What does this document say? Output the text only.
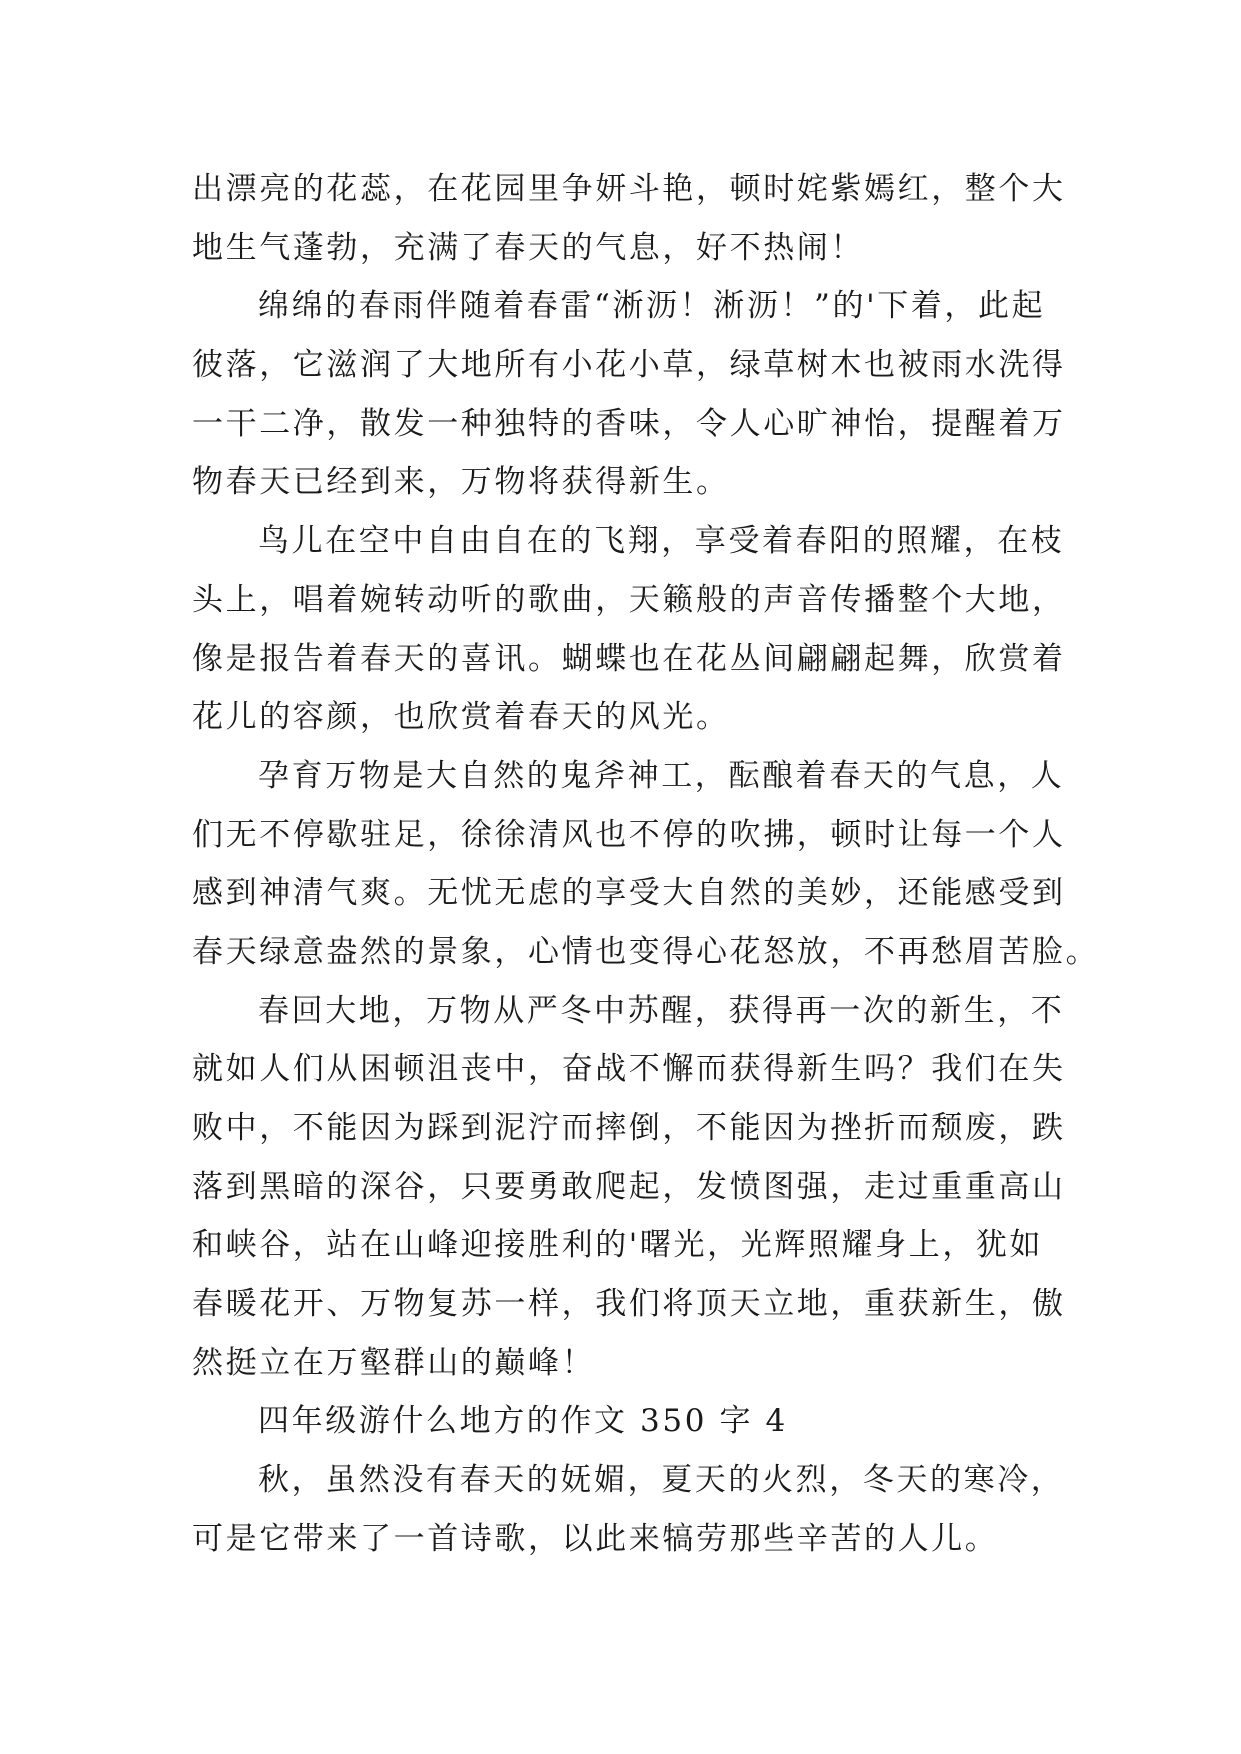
出漂亮的花蕊，在花园里争妍斗艳，顿时姹紫嫣红，整个大
地生气蓬勃，充满了春天的气息，好不热闹！
绵绵的春雨伴随着春雷“淅沥！淅沥！”的'下着，此起
彼落，它滋润了大地所有小花小草，绿草树木也被雨水洗得
一干二净，散发一种独特的香味，令人心旷神怡，提醒着万
物春天已经到来，万物将获得新生。
鸟儿在空中自由自在的飞翔，享受着春阳的照耀，在枝
头上，唱着婉转动听的歌曲，天籁般的声音传播整个大地，
像是报告着春天的喜讯。蝴蝶也在花丛间翩翩起舞，欣赏着
花儿的容颜，也欣赏着春天的风光。
孕育万物是大自然的鬼斧神工，酝酿着春天的气息，人
们无不停歇驻足，徐徐清风也不停的吹拂，顿时让每一个人
感到神清气爽。无忧无虑的享受大自然的美妙，还能感受到
春天绿意盎然的景象，心情也变得心花怒放，不再愁眉苦脸。
春回大地，万物从严冬中苏醒，获得再一次的新生，不
就如人们从困顿沮丧中，奋战不懈而获得新生吗？我们在失
败中，不能因为踩到泥泞而摔倒，不能因为挫折而颓废，跌
落到黑暗的深谷，只要勇敢爬起，发愤图强，走过重重高山
和峡谷，站在山峰迎接胜利的'曙光，光辉照耀身上，犹如
春暖花开、万物复苏一样，我们将顶天立地，重获新生，傲
然挺立在万壑群山的巅峰！
四年级游什么地方的作文 350 字 4
秋，虽然没有春天的妩媚，夏天的火烈，冬天的寒冷，
可是它带来了一首诗歌，以此来犒劳那些辛苦的人儿。
